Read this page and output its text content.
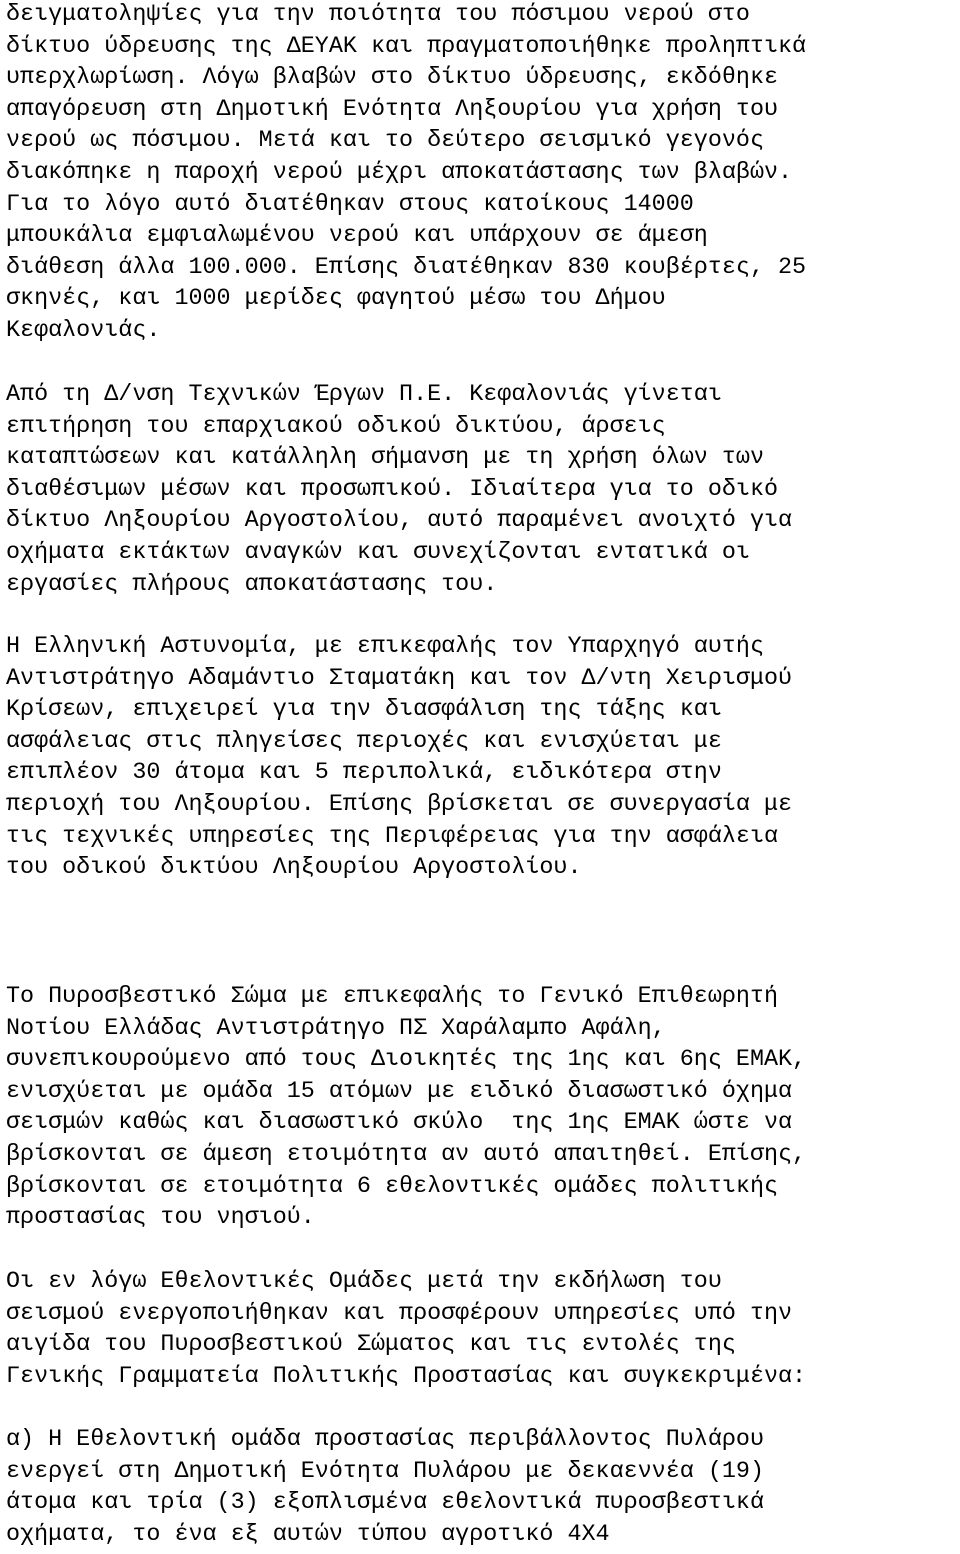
δειγματοληψίες για την ποιότητα του πόσιμου νερού στο
δίκτυο ύδρευσης της ΔΕΥΑΚ και πραγματοποιήθηκε προληπτικά
υπερχλωρίωση. Λόγω βλαβών στο δίκτυο ύδρευσης, εκδόθηκε
απαγόρευση στη Δημοτική Ενότητα Ληξουρίου για χρήση του
νερού ως πόσιμου. Μετά και το δεύτερο σεισμικό γεγονός
διακόπηκε η παροχή νερού μέχρι αποκατάστασης των βλαβών.
Για το λόγο αυτό διατέθηκαν στους κατοίκους 14000
μπουκάλια εμφιαλωμένου νερού και υπάρχουν σε άμεση
διάθεση άλλα 100.000. Επίσης διατέθηκαν 830 κουβέρτες, 25
σκηνές, και 1000 μερίδες φαγητού μέσω του Δήμου
Κεφαλονιάς.
Από τη Δ/νση Τεχνικών Έργων Π.Ε. Κεφαλονιάς γίνεται
επιτήρηση του επαρχιακού οδικού δικτύου, άρσεις
καταπτώσεων και κατάλληλη σήμανση με τη χρήση όλων των
διαθέσιμων μέσων και προσωπικού. Ιδιαίτερα για το οδικό
δίκτυο Ληξουρίου Αργοστολίου, αυτό παραμένει ανοιχτό για
οχήματα εκτάκτων αναγκών και συνεχίζονται εντατικά οι
εργασίες πλήρους αποκατάστασης του.
Η Ελληνική Αστυνομία, με επικεφαλής τον Υπαρχηγό αυτής
Αντιστράτηγο Αδαμάντιο Σταματάκη και τον Δ/ντη Χειρισμού
Κρίσεων, επιχειρεί για την διασφάλιση της τάξης και
ασφάλειας στις πληγείσες περιοχές και ενισχύεται με
επιπλέον 30 άτομα και 5 περιπολικά, ειδικότερα στην
περιοχή του Ληξουρίου. Επίσης βρίσκεται σε συνεργασία με
τις τεχνικές υπηρεσίες της Περιφέρειας για την ασφάλεια
του οδικού δικτύου Ληξουρίου Αργοστολίου.
Το Πυροσβεστικό Σώμα με επικεφαλής το Γενικό Επιθεωρητή
Νοτίου Ελλάδας Αντιστράτηγο ΠΣ Χαράλαμπο Αφάλη,
συνεπικουρούμενο από τους Διοικητές της 1ης και 6ης ΕΜΑΚ,
ενισχύεται με ομάδα 15 ατόμων με ειδικό διασωστικό όχημα
σεισμών καθώς και διασωστικό σκύλο  της 1ης ΕΜΑΚ ώστε να
βρίσκονται σε άμεση ετοιμότητα αν αυτό απαιτηθεί. Επίσης,
βρίσκονται σε ετοιμότητα 6 εθελοντικές ομάδες πολιτικής
προστασίας του νησιού.
Οι εν λόγω Εθελοντικές Ομάδες μετά την εκδήλωση του
σεισμού ενεργοποιήθηκαν και προσφέρουν υπηρεσίες υπό την
αιγίδα του Πυροσβεστικού Σώματος και τις εντολές της
Γενικής Γραμματεία Πολιτικής Προστασίας και συγκεκριμένα:
α) Η Εθελοντική ομάδα προστασίας περιβάλλοντος Πυλάρου
ενεργεί στη Δημοτική Ενότητα Πυλάρου με δεκαεννέα (19)
άτομα και τρία (3) εξοπλισμένα εθελοντικά πυροσβεστικά
οχήματα, το ένα εξ αυτών τύπου αγροτικό 4Χ4
